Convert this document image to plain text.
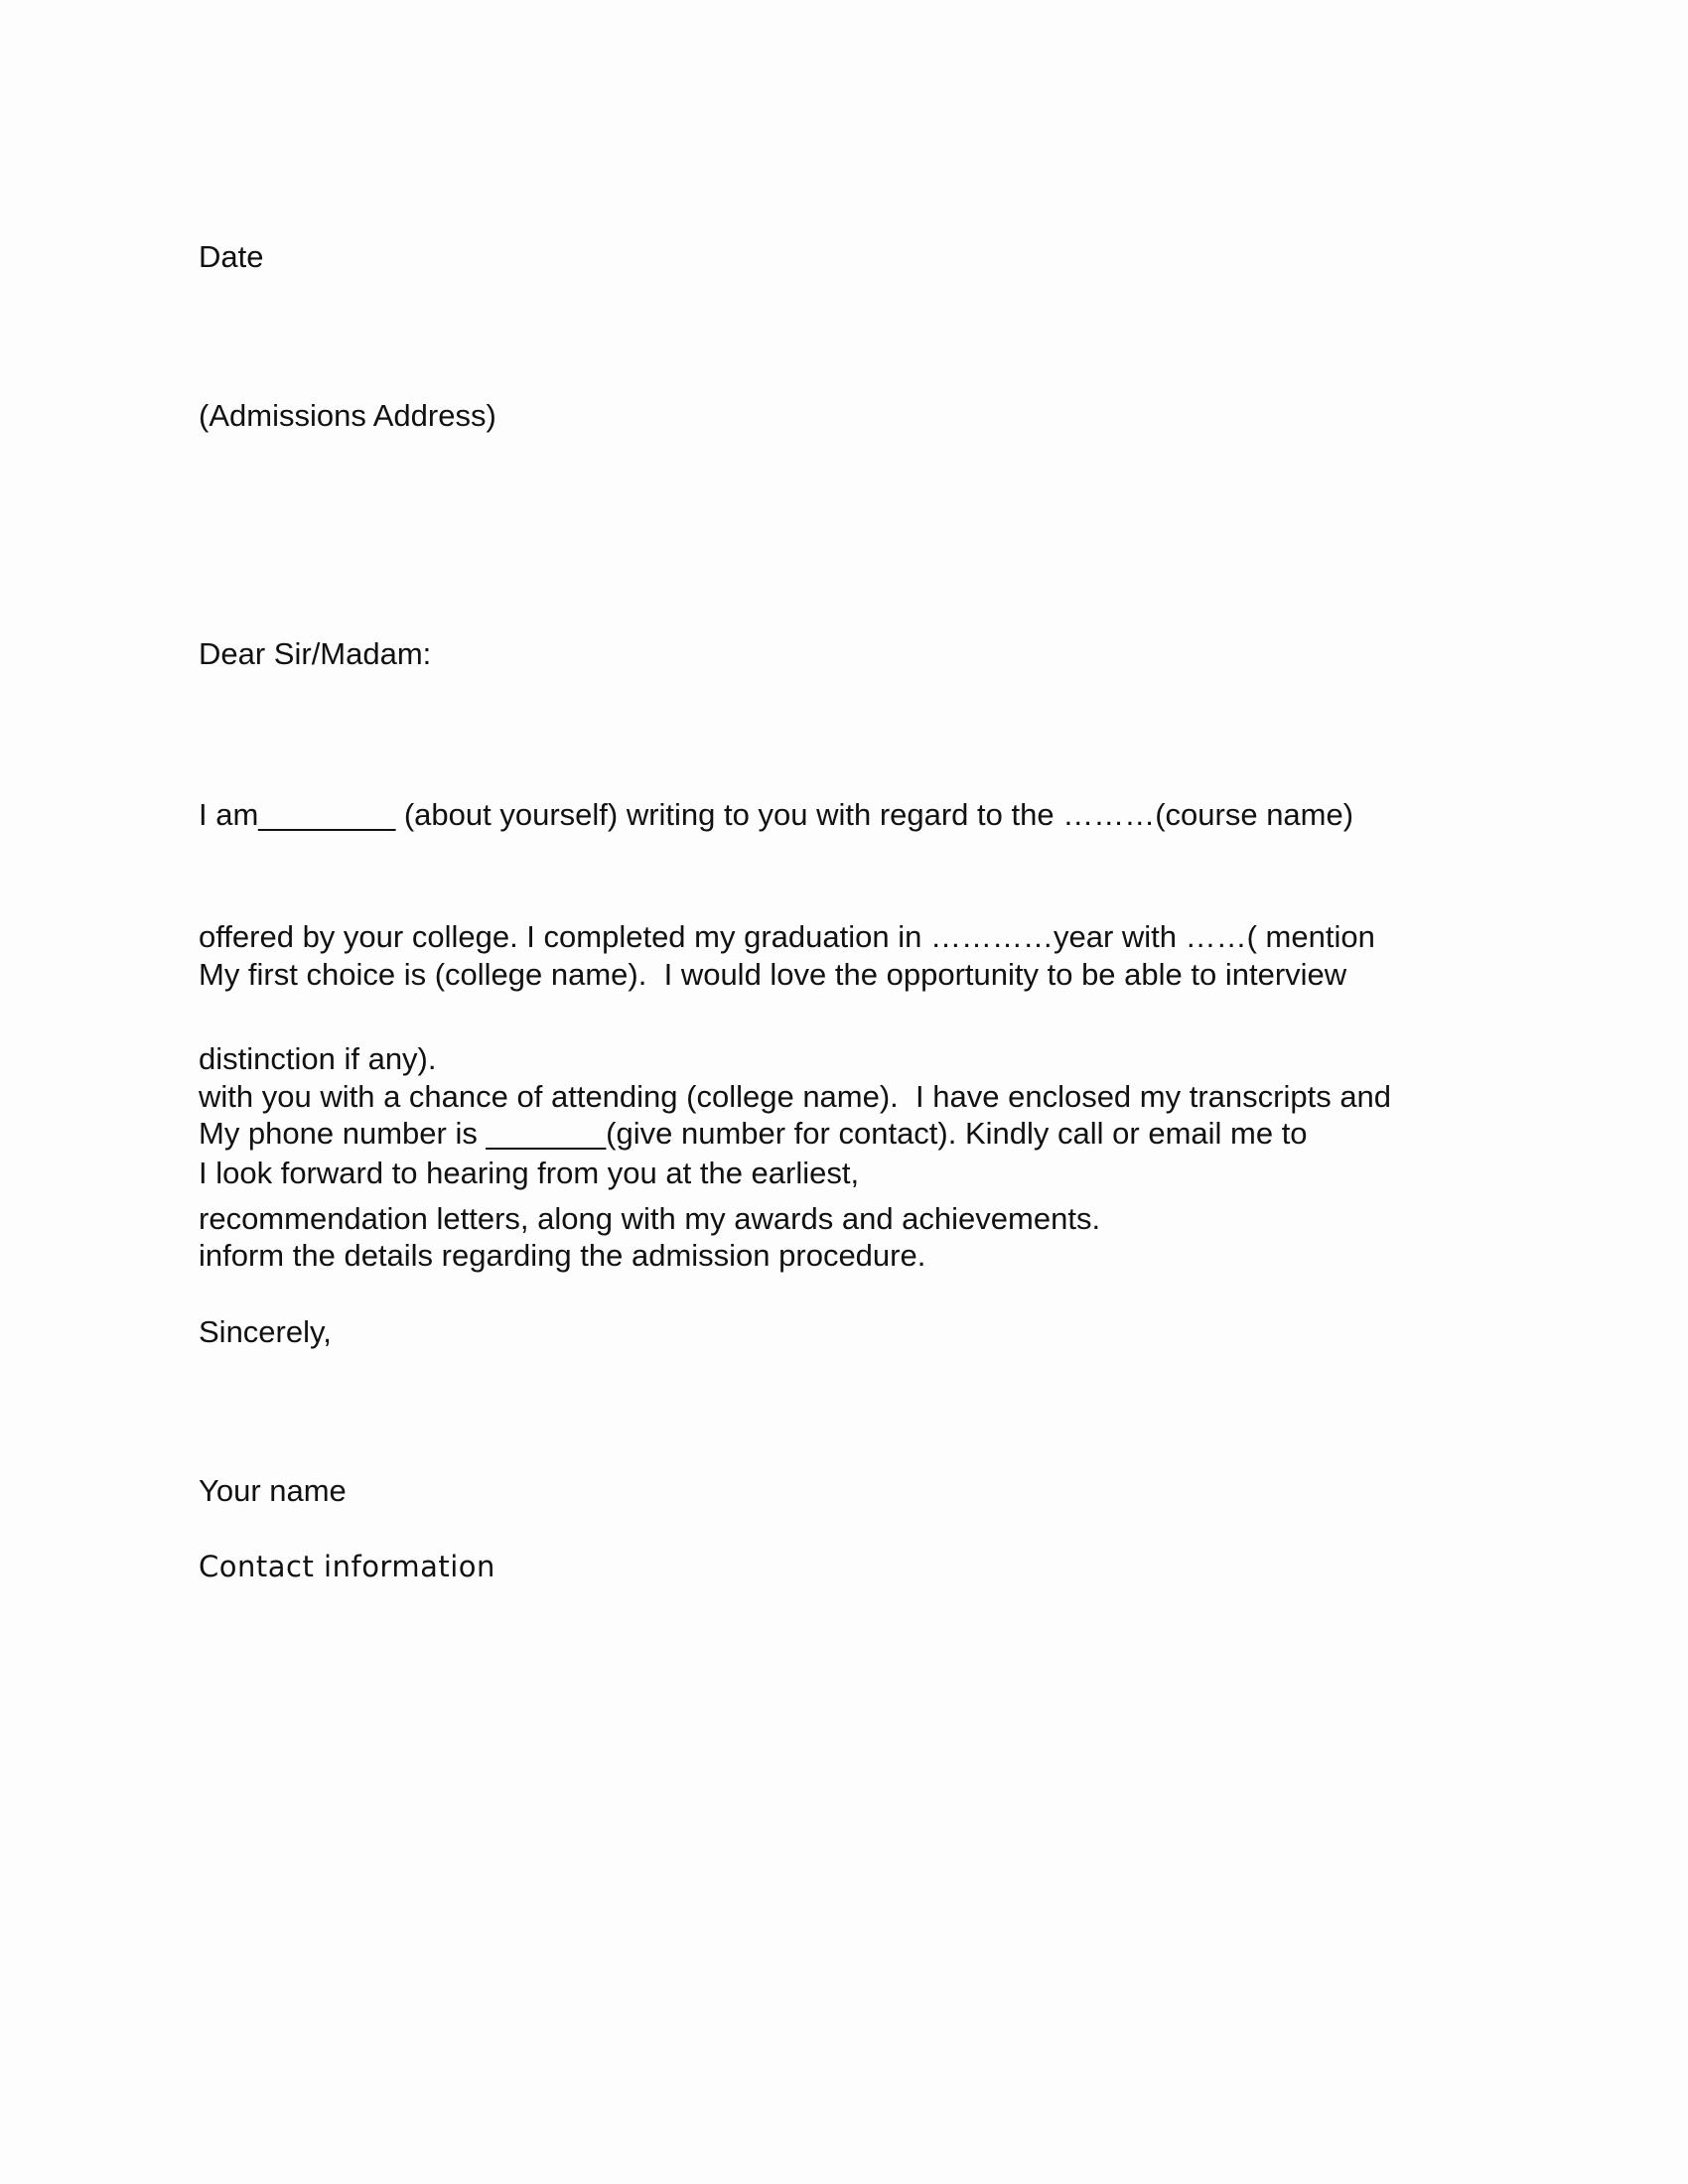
Date

(Admissions Address)

Dear Sir/Madam:

I am________ (about yourself) writing to you with regard to the ………(course name)

offered by your college. I completed my graduation in …………year with ……( mention

distinction if any).

My first choice is (college name).  I would love the opportunity to be able to interview

with you with a chance of attending (college name).  I have enclosed my transcripts and

recommendation letters, along with my awards and achievements.

My phone number is _______(give number for contact). Kindly call or email me to

inform the details regarding the admission procedure.

I look forward to hearing from you at the earliest,

Sincerely,

Your name

Contact information
